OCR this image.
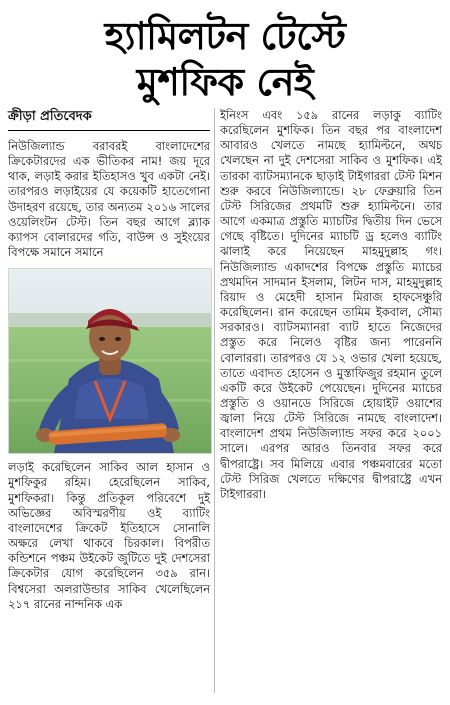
হ্যামিলটন টেস্টে
মুশফিক নেই
ক্রীড়া প্রতিবেদক

নিউজিল্যান্ড বরাবরই বাংলাদেশের ক্রিকেটারদের এক ভীতিকর নাম! জয় দূরে থাক, লড়াই করার ইতিহাসও খুব একটা নেই। তারপরও লড়াইয়ের যে কয়েকটি হাতেগোনা উদাহরণ রয়েছে, তার অন্যতম ২০১৬ সালের ওয়েলিংটন টেস্ট। তিন বছর আগে ব্ল্যাক ক্যাপস বোলারদের গতি, বাউন্স ও সুইংয়ের বিপক্ষে সমানে সমানে

লড়াই করেছিলেন সাকিব আল হাসান ও মুশফিকুর রহিম। হেরেছিলেন সাকিব, মুশফিকরা। কিন্তু প্রতিকূল পরিবেশে দুই অভিজ্ঞের অবিস্মরণীয় ওই ব্যাটিং বাংলাদেশের ক্রিকেট ইতিহাসে সোনালি অক্ষরে লেখা থাকবে চিরকাল। বিপরীত কন্ডিশনে পঞ্চম উইকেট জুটিতে দুই দেশসেরা ক্রিকেটার যোগ করেছিলেন ৩৫৯ রান। বিশ্বসেরা অলরাউন্ডার সাকিব খেলেছিলেন ২১৭ রানের নান্দনিক এক

ইনিংস এবং ১৫৯ রানের লড়াকু ব্যাটিং করেছিলেন মুশফিক। তিন বছর পর বাংলাদেশ আবারও খেলতে নামছে হ্যামিল্টনে, অথচ খেলছেন না দুই দেশসেরা সাকিব ও মুশফিক। এই তারকা ব্যাটসম্যানকে ছাড়াই টাইগাররা টেস্ট মিশন শুরু করবে নিউজিল্যান্ডে। ২৮ ফেব্রুয়ারি তিন টেস্ট সিরিজের প্রথমটি শুরু হ্যামিল্টনে। তার আগে একমাত্র প্রস্তুতি ম্যাচটির দ্বিতীয় দিন ভেসে গেছে বৃষ্টিতে। দুদিনের ম্যাচটি ড্র হলেও ব্যাটিং ঝালাই করে নিয়েছেন মাহমুদুল্লাহ গং। নিউজিল্যান্ড একাদশের বিপক্ষে প্রস্তুতি ম্যাচের প্রথমদিন সাদমান ইসলাম, লিটন দাস, মাহমুদুল্লাহ রিয়াদ ও মেহেদী হাসান মিরাজ হাফসেঞ্চুরি করেছিলেন। রান করেছেন তামিম ইকবাল, সৌম্য সরকারও। ব্যাটসম্যানরা ব্যাট হাতে নিজেদের প্রস্তুত করে নিলেও বৃষ্টির জন্য পারেননি বোলাররা। তারপরও যে ১২ ওভার খেলা হয়েছে, তাতে এবাদত হোসেন ও মুস্তাফিজুর রহমান তুলে একটি করে উইকেট পেয়েছেন। দুদিনের ম্যাচের প্রস্তুতি ও ওয়ানডে সিরিজে হোয়াইট ওয়াশের জ্বালা নিয়ে টেস্ট সিরিজে নামছে বাংলাদেশ। বাংলাদেশ প্রথম নিউজিল্যান্ড সফর করে ২০০১ সালে। এরপর আরও তিনবার সফর করে দ্বীপরাষ্ট্রে। সব মিলিয়ে এবার পঞ্চমবারের মতো টেস্ট সিরিজ খেলতে দক্ষিণের দ্বীপরাষ্ট্রে এখন টাইগাররা।
